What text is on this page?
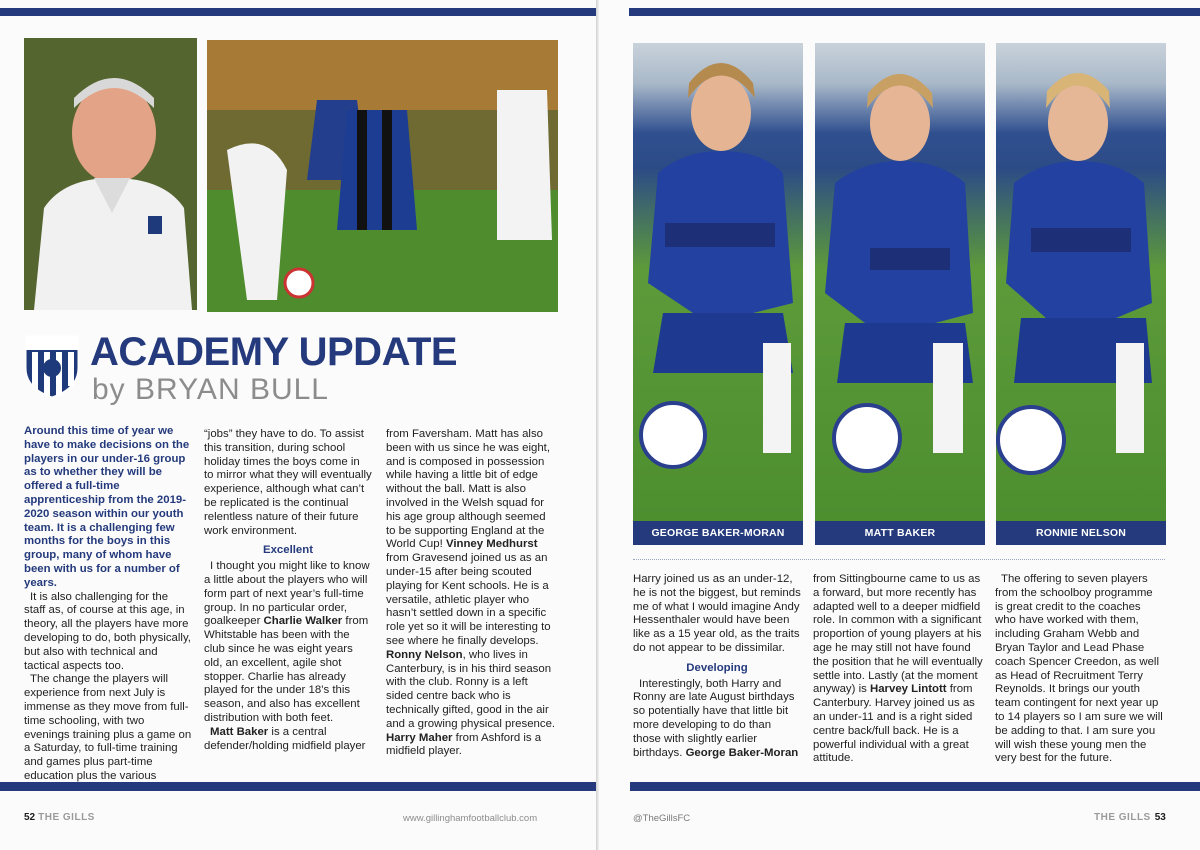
ACADEMY UPDATE
by BRYAN BULL

Around this time of year we have to make decisions on the players in our under-16 group as to whether they will be offered a full-time apprenticeship from the 2019-2020 season within our youth team. It is a challenging few months for the boys in this group, many of whom have been with us for a number of years.

It is also challenging for the staff as, of course at this age, in theory, all the players have more developing to do, both physically, but also with technical and tactical aspects too.

The change the players will experience from next July is immense as they move from full-time schooling, with two evenings training plus a game on a Saturday, to full-time training and games plus part-time education plus the various

“jobs” they have to do. To assist this transition, during school holiday times the boys come in to mirror what they will eventually experience, although what can’t be replicated is the continual relentless nature of their future work environment.

Excellent

I thought you might like to know a little about the players who will form part of next year’s full-time group. In no particular order, goalkeeper Charlie Walker from Whitstable has been with the club since he was eight years old, an excellent, agile shot stopper. Charlie has already played for the under 18’s this season, and also has excellent distribution with both feet.

Matt Baker is a central defender/holding midfield player

from Faversham. Matt has also been with us since he was eight, and is composed in possession while having a little bit of edge without the ball. Matt is also involved in the Welsh squad for his age group although seemed to be supporting England at the World Cup! Vinney Medhurst from Gravesend joined us as an under-15 after being scouted playing for Kent schools. He is a versatile, athletic player who hasn’t settled down in a specific role yet so it will be interesting to see where he finally develops. Ronny Nelson, who lives in Canterbury, is in his third season with the club. Ronny is a left sided centre back who is technically gifted, good in the air and a growing physical presence. Harry Maher from Ashford is a midfield player.

52 THE GILLS	www.gillinghamfootballclub.com
GEORGE BAKER-MORAN	MATT BAKER	RONNIE NELSON

Harry joined us as an under-12, he is not the biggest, but reminds me of what I would imagine Andy Hessenthaler would have been like as a 15 year old, as the traits do not appear to be dissimilar.

Developing

Interestingly, both Harry and Ronny are late August birthdays so potentially have that little bit more developing to do than those with slightly earlier birthdays. George Baker-Moran

from Sittingbourne came to us as a forward, but more recently has adapted well to a deeper midfield role. In common with a significant proportion of young players at his age he may still not have found the position that he will eventually settle into. Lastly (at the moment anyway) is Harvey Lintott from Canterbury. Harvey joined us as an under-11 and is a right sided centre back/full back. He is a powerful individual with a great attitude.

The offering to seven players from the schoolboy programme is great credit to the coaches who have worked with them, including Graham Webb and Bryan Taylor and Lead Phase coach Spencer Creedon, as well as Head of Recruitment Terry Reynolds. It brings our youth team contingent for next year up to 14 players so I am sure we will be adding to that. I am sure you will wish these young men the very best for the future.

@TheGillsFC	THE GILLS 53
